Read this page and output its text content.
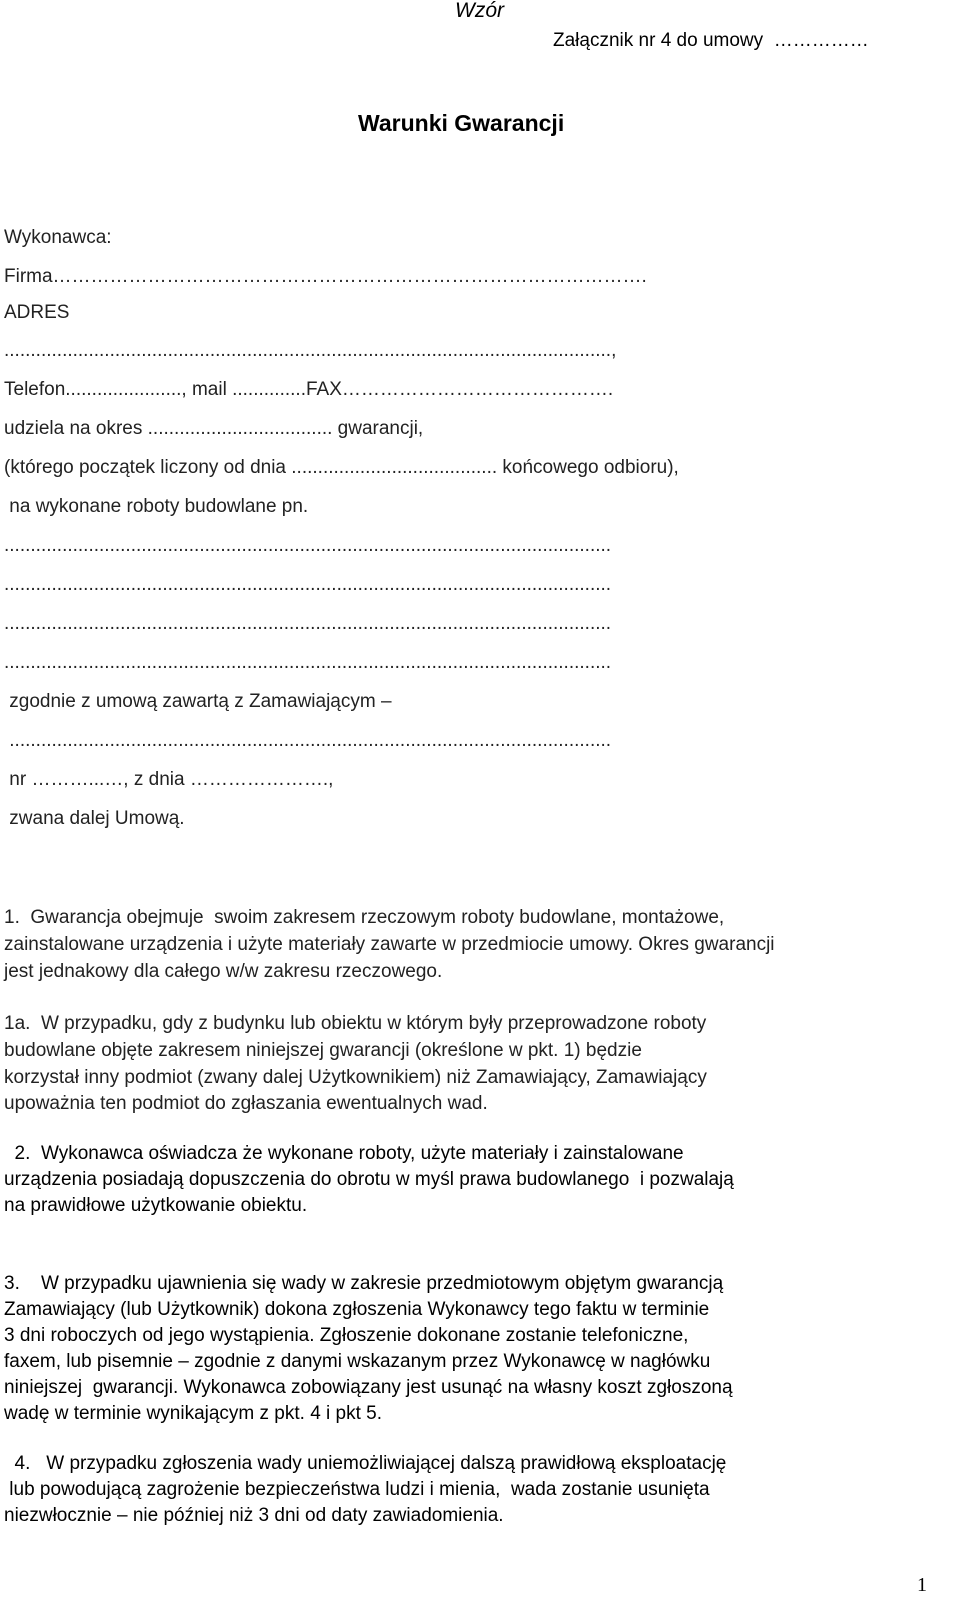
Wzór

Załącznik nr 4 do umowy  ……………

Warunki Gwarancji

Wykonawca:

Firma………………………………………………………………………………….

ADRES

...................................................................................................................,

Telefon......................, mail ..............FAX…………………………………….

udziela na okres ................................... gwarancji,

(którego początek liczony od dnia ....................................... końcowego odbioru),

na wykonane roboty budowlane pn.

...................................................................................................................

...................................................................................................................

...................................................................................................................

...................................................................................................................

zgodnie z umową zawartą z Zamawiającym –

..................................................................................................................

nr ………...…, z dnia ………………….,

zwana dalej Umową.

1.  Gwarancja obejmuje  swoim zakresem rzeczowym roboty budowlane, montażowe,

zainstalowane urządzenia i użyte materiały zawarte w przedmiocie umowy. Okres gwarancji

jest jednakowy dla całego w/w zakresu rzeczowego.

1a.  W przypadku, gdy z budynku lub obiektu w którym były przeprowadzone roboty

budowlane objęte zakresem niniejszej gwarancji (określone w pkt. 1) będzie

korzystał inny podmiot (zwany dalej Użytkownikiem) niż Zamawiający, Zamawiający

upoważnia ten podmiot do zgłaszania ewentualnych wad.

2.  Wykonawca oświadcza że wykonane roboty, użyte materiały i zainstalowane

urządzenia posiadają dopuszczenia do obrotu w myśl prawa budowlanego  i pozwalają

na prawidłowe użytkowanie obiektu.

3.    W przypadku ujawnienia się wady w zakresie przedmiotowym objętym gwarancją

Zamawiający (lub Użytkownik) dokona zgłoszenia Wykonawcy tego faktu w terminie

3 dni roboczych od jego wystąpienia. Zgłoszenie dokonane zostanie telefoniczne,

faxem, lub pisemnie – zgodnie z danymi wskazanym przez Wykonawcę w nagłówku

niniejszej  gwarancji. Wykonawca zobowiązany jest usunąć na własny koszt zgłoszoną

wadę w terminie wynikającym z pkt. 4 i pkt 5.

4.   W przypadku zgłoszenia wady uniemożliwiającej dalszą prawidłową eksploatację

lub powodującą zagrożenie bezpieczeństwa ludzi i mienia,  wada zostanie usunięta

niezwłocznie – nie później niż 3 dni od daty zawiadomienia.

1
